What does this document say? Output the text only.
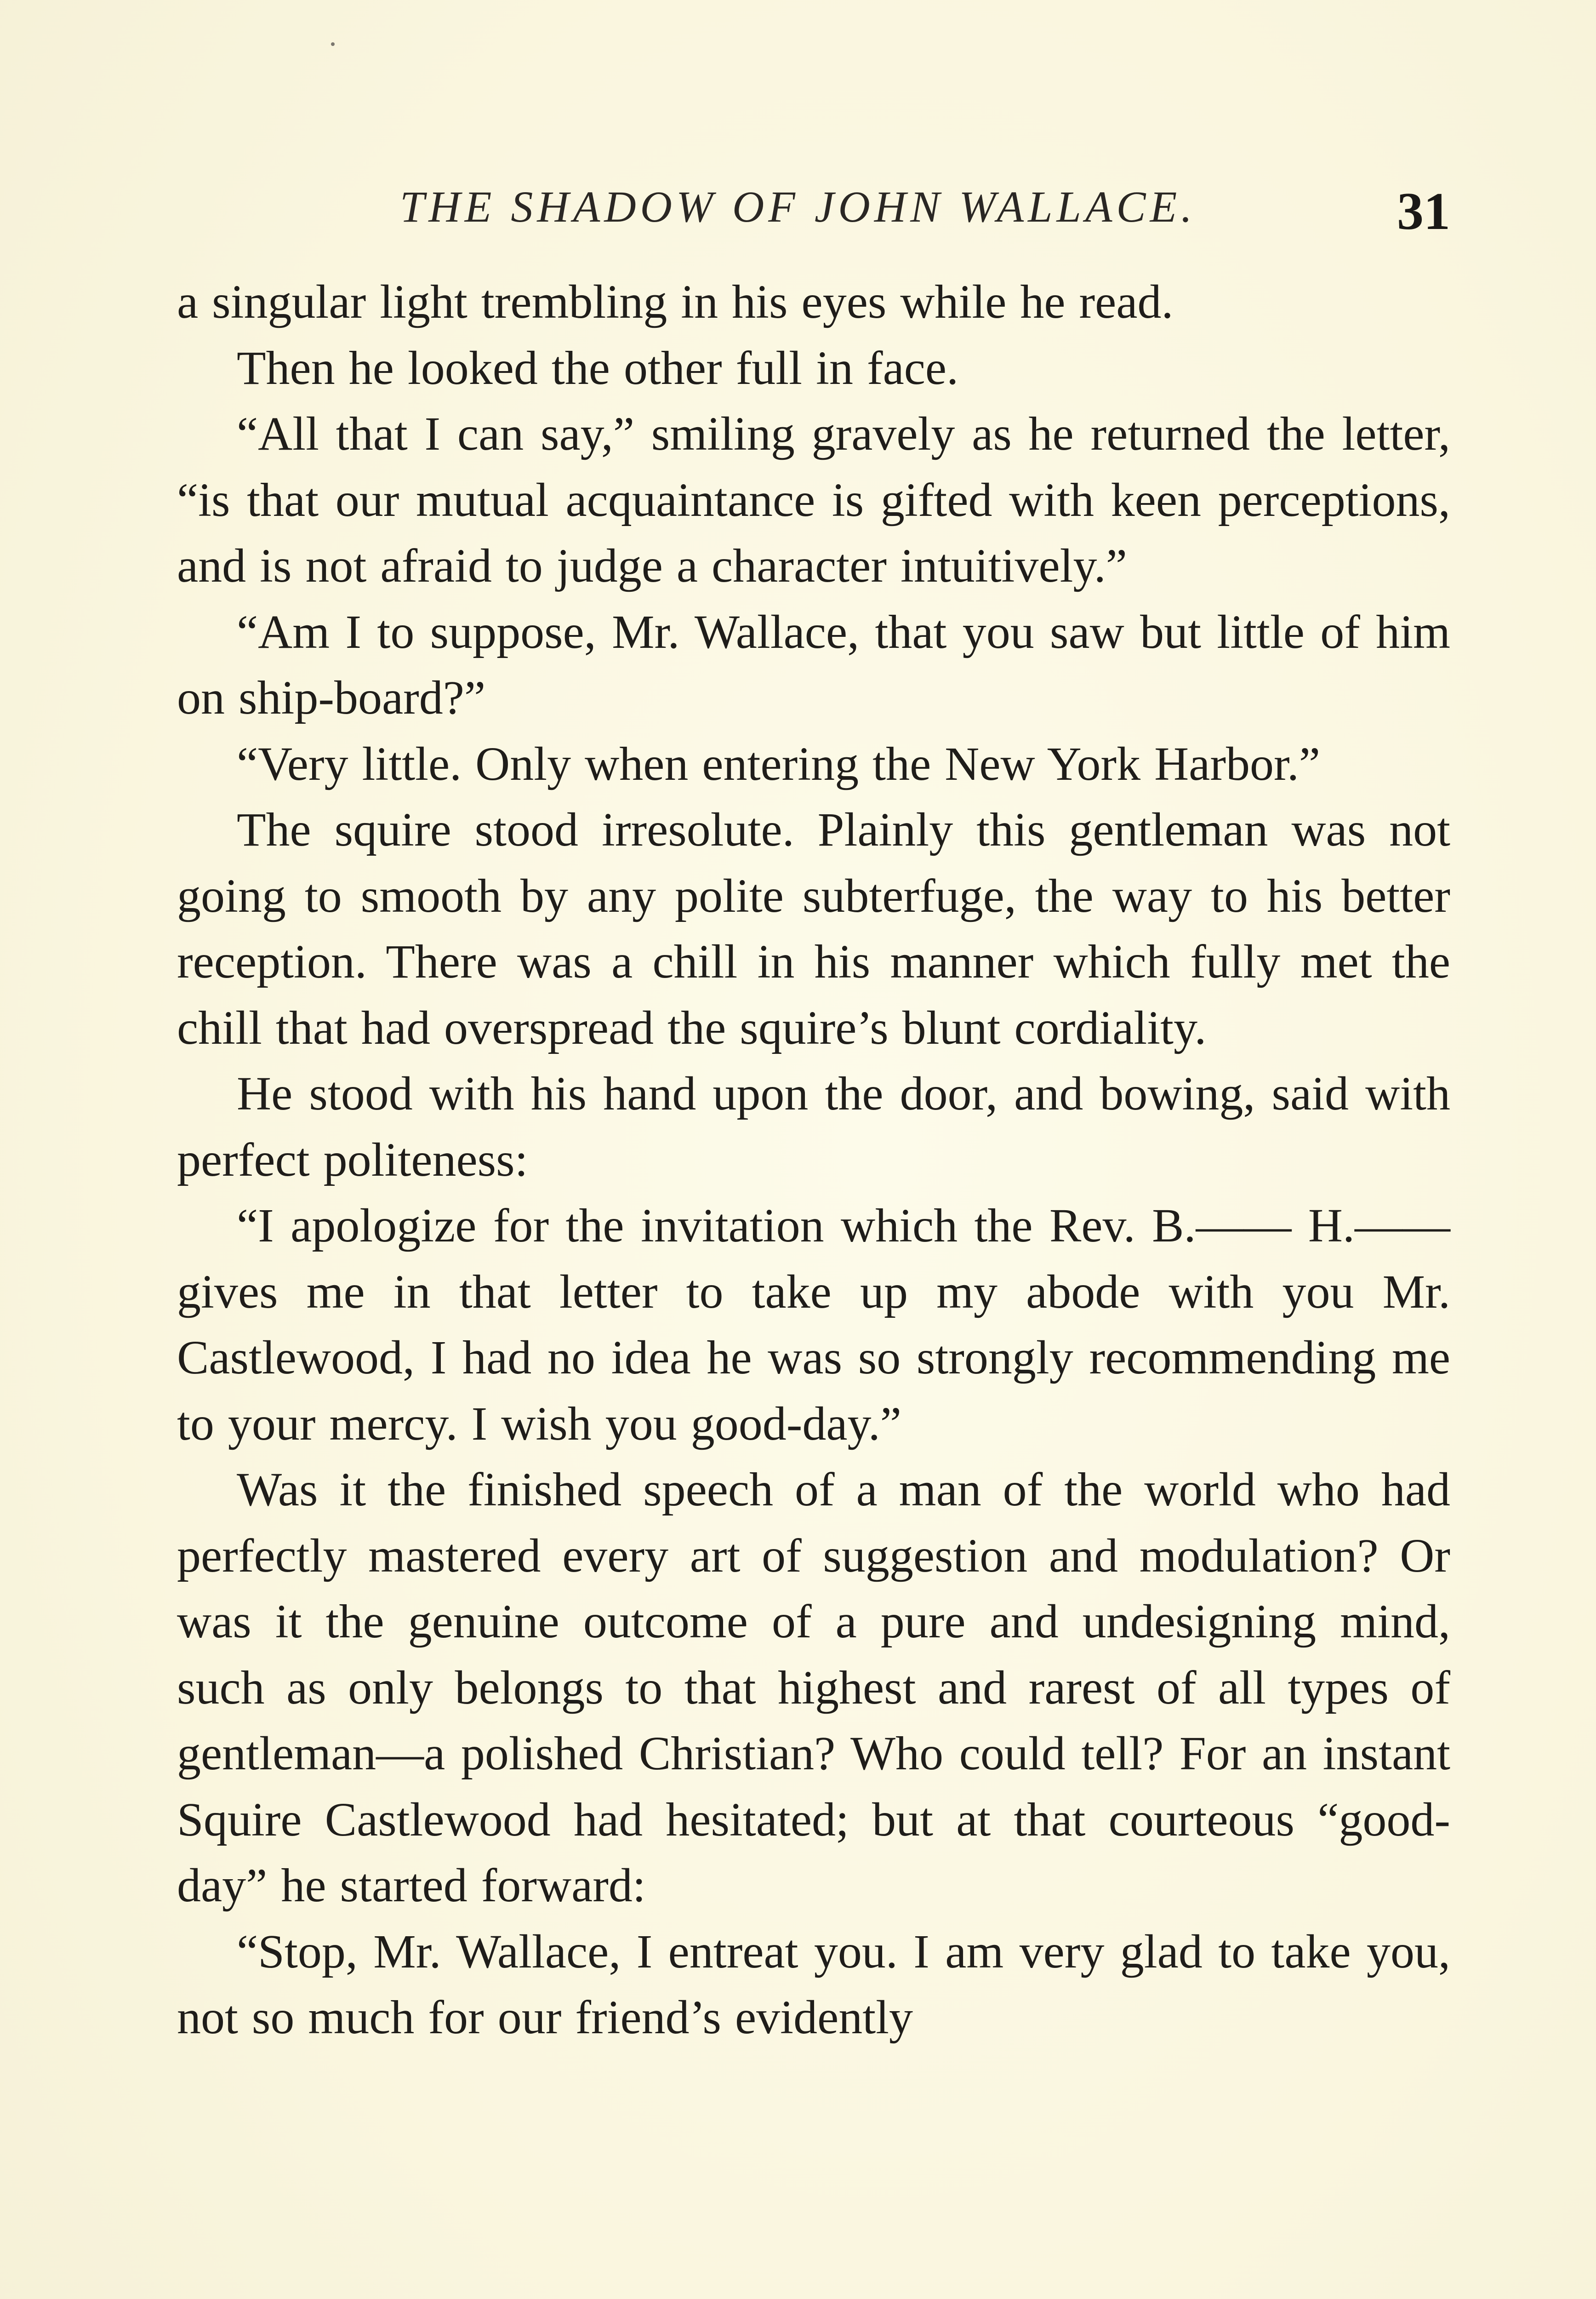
THE SHADOW OF JOHN WALLACE.	31

a singular light trembling in his eyes while he read.

Then he looked the other full in face.

“All that I can say,” smiling gravely as he returned the letter, “is that our mutual acquaintance is gifted with keen perceptions, and is not afraid to judge a character intuitively.”

“Am I to suppose, Mr. Wallace, that you saw but little of him on ship-board?”

“Very little. Only when entering the New York Harbor.”

The squire stood irresolute. Plainly this gentleman was not going to smooth by any polite subterfuge, the way to his better reception. There was a chill in his manner which fully met the chill that had overspread the squire’s blunt cordiality.

He stood with his hand upon the door, and bowing, said with perfect politeness:

“I apologize for the invitation which the Rev. B.—— H.——gives me in that letter to take up my abode with you Mr. Castlewood, I had no idea he was so strongly recommending me to your mercy. I wish you good-day.”

Was it the finished speech of a man of the world who had perfectly mastered every art of suggestion and modulation? Or was it the genuine outcome of a pure and undesigning mind, such as only belongs to that highest and rarest of all types of gentleman—a polished Christian? Who could tell? For an instant Squire Castlewood had hesitated; but at that courteous “good-day” he started forward:

“Stop, Mr. Wallace, I entreat you. I am very glad to take you, not so much for our friend’s evidently
